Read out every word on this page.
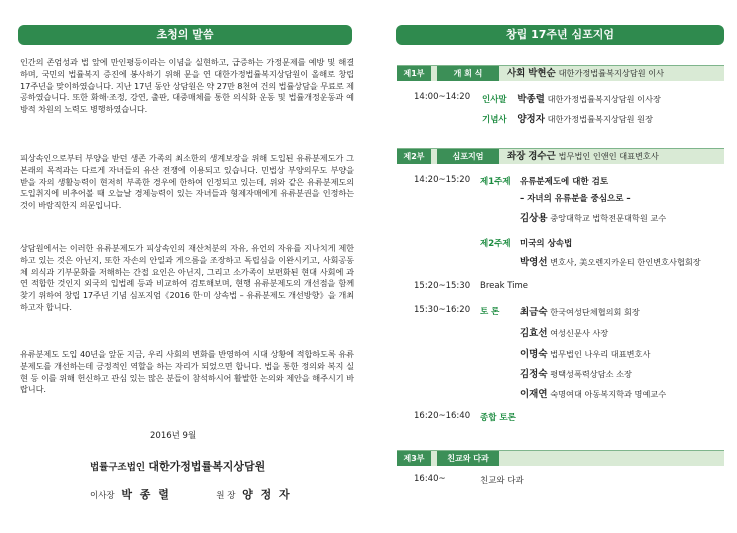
초청의 말씀

인간의 존엄성과 법 앞에 만인평등이라는 이념을 실현하고, 급증하는 가정문제를 예방 및 해결하며, 국민의 법률복지 증진에 봉사하기 위해 문을 연 대한가정법률복지상담원이 올해로 창립 17주년을 맞이하였습니다. 지난 17년 동안 상담원은 약 27만 8천여 건의 법률상담을 무료로 제공하였습니다. 또한 화해·조정, 강연, 출판, 대중매체를 통한 의식화 운동 및 법률개정운동과 예방적 차원의 노력도 병행하였습니다.

피상속인으로부터 부양을 받던 생존 가족의 최소한의 생계보장을 위해 도입된 유류분제도가 그 본래의 목적과는 다르게 자녀들의 유산 전쟁에 이용되고 있습니다. 민법상 부양의무도 부양을 받을 자의 생활능력이 현저히 부족한 경우에 한하여 인정되고 있는데, 위와 같은 유류분제도의 도입취지에 비추어볼 때 오늘날 경제능력이 있는 자녀들과 형제자매에게 유류분권을 인정하는 것이 바람직한지 의문입니다.

상담원에서는 이러한 유류분제도가 피상속인의 재산처분의 자유, 유언의 자유를 지나치게 제한하고 있는 것은 아닌지, 또한 자손의 안일과 게으름을 조장하고 독립심을 이완시키고, 사회공동체 의식과 기부문화를 저해하는 간접 요인은 아닌지, 그리고 소가족이 보편화된 현대 사회에 과연 적합한 것인지 외국의 입법례 등과 비교하여 검토해보며, 현행 유류분제도의 개선점을 함께 찾기 위하여 창립 17주년 기념 심포지엄《2016 한·미 상속법 – 유류분제도 개선방향》을 개최하고자 합니다.

유류분제도 도입 40년을 앞둔 지금, 우리 사회의 변화를 반영하여 시대 상황에 적합하도록 유류분제도를 개선하는데 긍정적인 역할을 하는 자리가 되었으면 합니다. 법을 통한 정의와 복지 실현 등 이를 위해 헌신하고 관심 있는 많은 분들이 참석하시어 활발한 논의와 제안을 해주시기 바랍니다.

2016년 9월
법률구조법인 대한가정법률복지상담원
이사장 박 종 렬	원 장 양 정 자
창립 17주년 심포지엄
제1부	개 회 식	사회 박현순 대한가정법률복지상담원 이사
14:00~14:20 인사말 박종렬 대한가정법률복지상담원 이사장
기념사 양정자 대한가정법률복지상담원 원장
제2부	심포지엄	좌장 경수근 법무법인 인앤인 대표변호사
14:20~15:20 제1주제 유류분제도에 대한 검토
– 자녀의 유류분을 중심으로 –
김상용 중앙대학교 법학전문대학원 교수
제2주제 미국의 상속법
박영선 변호사, 美오렌지카운티 한인변호사협회장
15:20~15:30 Break Time
15:30~16:20 토 론 최금숙 한국여성단체협의회 회장
김효선 여성신문사 사장
이명숙 법무법인 나우리 대표변호사
김정숙 평택성폭력상담소 소장
이재연 숙명여대 아동복지학과 명예교수
16:20~16:40 종합 토론
제3부	친교와 다과
16:40~	친교와 다과
